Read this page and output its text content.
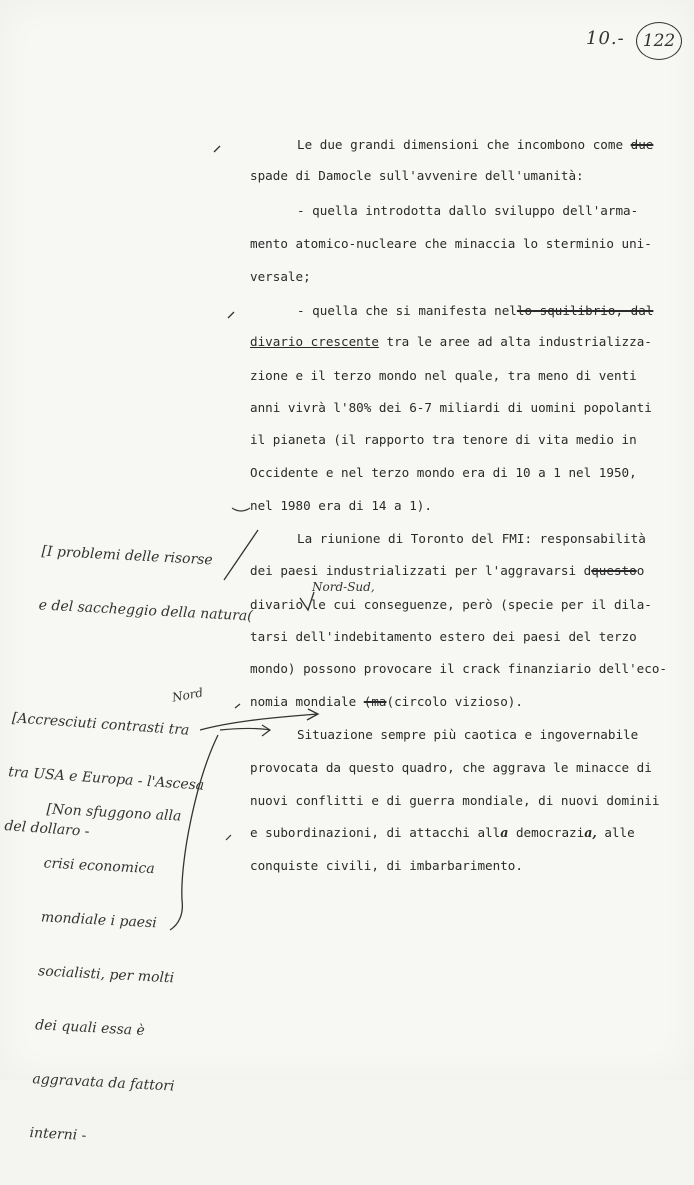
10.-	122
Le due grandi dimensioni che incombono come due
spade di Damocle sull'avvenire dell'umanità:
- quella introdotta dallo sviluppo dell'arma-
mento atomico-nucleare che minaccia lo sterminio uni-
versale;
- quella che si manifesta nello squilibrio, dal
divario crescente tra le aree ad alta industrializza-
zione e il terzo mondo nel quale, tra meno di venti
anni vivrà l'80% dei 6-7 miliardi di uomini popolanti
il pianeta (il rapporto tra tenore di vita medio in
Occidente e nel terzo mondo era di 10 a 1 nel 1950,
nel 1980 era di 14 a 1).
La riunione di Toronto del FMI: responsabilità
dei paesi industrializzati per l'aggravarsi dquestoo
Nord-Sud,
divario le cui conseguenze, però (specie per il dila-
tarsi dell'indebitamento estero dei paesi del terzo
mondo) possono provocare il crack finanziario dell'eco-
nomia mondiale (ma(circolo vizioso).
Situazione sempre più caotica e ingovernabile
provocata da questo quadro, che aggrava le minacce di
nuovi conflitti e di guerra mondiale, di nuovi dominii
e subordinazioni, di attacchi alla democrazia, alle
conquiste civili, di imbarbarimento.

[I problemi delle risorse

e del saccheggio della natura(

Nord

[Accresciuti contrasti tra

tra USA e Europa - l'Ascesa

del dollaro -

[Non sfuggono alla

crisi economica

mondiale i paesi

socialisti, per molti

dei quali essa è

aggravata da fattori

interni -
